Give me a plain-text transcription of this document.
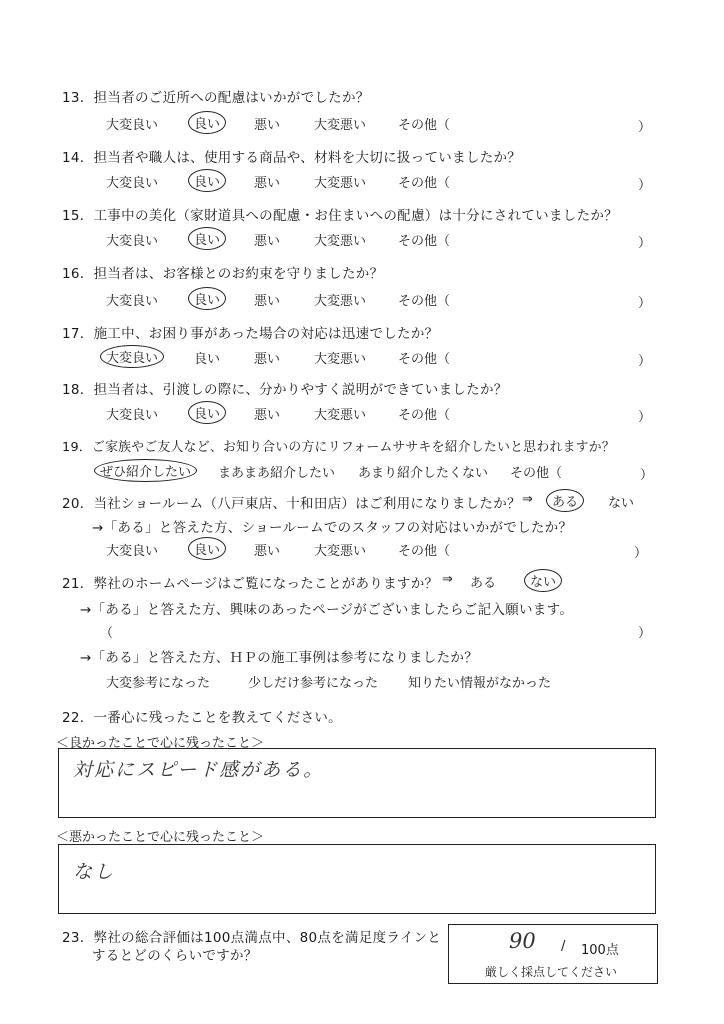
13．担当者のご近所への配慮はいかがでしたか？
大変良い	良い	悪い	大変悪い その他（	）
14．担当者や職人は、使用する商品や、材料を大切に扱っていましたか？
大変良い	良い	悪い	大変悪い その他（	）
15．工事中の美化（家財道具への配慮・お住まいへの配慮）は十分にされていましたか？
大変良い	良い	悪い	大変悪い その他（	）
16．担当者は、お客様とのお約束を守りましたか？
大変良い	良い	悪い	大変悪い その他（	）
17．施工中、お困り事があった場合の対応は迅速でしたか？
大変良い	良い	悪い	大変悪い その他（	）
18．担当者は、引渡しの際に、分かりやすく説明ができていましたか？
大変良い	良い	悪い	大変悪い その他（	）
19．ご家族やご友人など、お知り合いの方にリフォームササキを紹介したいと思われますか？
ぜひ紹介したい	まあまあ紹介したい あまり紹介したくない その他（	）
20．当社ショールーム（八戸東店、十和田店）はご利用になりましたか？ ⇒	ある	ない
→「ある」と答えた方、ショールームでのスタッフの対応はいかがでしたか？
大変良い	良い	悪い	大変悪い その他（	）
21．弊社のホームページはご覧になったことがありますか？ ⇒ ある	ない
→「ある」と答えた方、興味のあったページがございましたらご記入願います。
（	）
→「ある」と答えた方、ＨＰの施工事例は参考になりましたか？
大変参考になった	少しだけ参考になった 知りたい情報がなかった
22．一番心に残ったことを教えてください。
＜良かったことで心に残ったこと＞
対応にスピード感がある。
＜悪かったことで心に残ったこと＞
なし
23．弊社の総合評価は100点満点中、80点を満足度ラインと
するとどのくらいですか？
90 / 100点
厳しく採点してください
